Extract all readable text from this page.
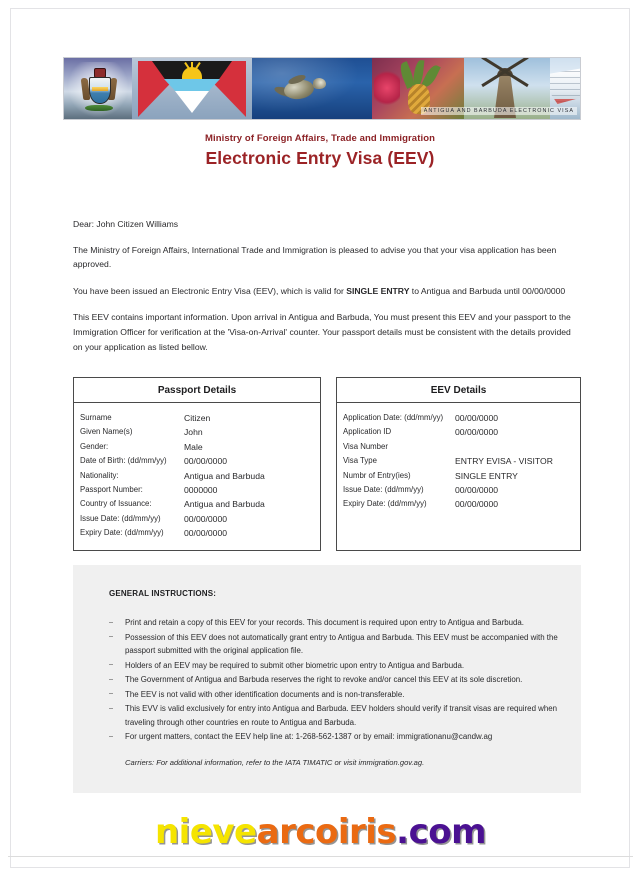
ANTIGUA AND BARBUDA ELECTRONIC VISA
Ministry of Foreign Affairs, Trade and Immigration
Electronic Entry Visa (EEV)

Dear: John Citizen Williams

The Ministry of Foreign Affairs, International Trade and Immigration is pleased to advise you that your visa application has been approved.

You have been issued an Electronic Entry Visa (EEV), which is valid for SINGLE ENTRY to Antigua and Barbuda until 00/00/0000

This EEV contains important information. Upon arrival in Antigua and Barbuda, You must present this EEV and your passport to the Immigration Officer for verification at the 'Visa-on-Arrival' counter. Your passport details must be consistent with the details provided on your application as listed bellow.

Passport Details
Surname	Citizen
Given Name(s)	John
Gender:	Male
Date of Birth: (dd/mm/yy)	00/00/0000
Nationality:	Antigua and Barbuda
Passport Number:	0000000
Country of Issuance:	Antigua and Barbuda
Issue Date: (dd/mm/yy)	00/00/0000
Expiry Date: (dd/mm/yy)	00/00/0000
EEV Details
Application Date: (dd/mm/yy)	00/00/0000
Application ID	00/00/0000
Visa Number
Visa Type	ENTRY EVISA - VISITOR
Numbr of Entry(ies)	SINGLE ENTRY
Issue Date: (dd/mm/yy)	00/00/0000
Expiry Date: (dd/mm/yy)	00/00/0000
GENERAL INSTRUCTIONS:
Print and retain a copy of this EEV for your records. This document is required upon entry to Antigua and Barbuda.
Possession of this EEV does not automatically grant entry to Antigua and Barbuda. This EEV must be accompanied with the passport submitted with the original application file.
Holders of an EEV may be required to submit other biometric upon entry to Antigua and Barbuda.
The Government of Antigua and Barbuda reserves the right to revoke and/or cancel this EEV at its sole discretion.
The EEV is not valid with other identification documents and is non-transferable.
This EVV is valid exclusively for entry into Antigua and Barbuda. EEV holders should verify if transit visas are required when traveling through other countries en route to Antigua and Barbuda.
For urgent matters, contact the EEV help line at: 1-268-562-1387 or by email: immigrationanu@candw.ag
Carriers: For additional information, refer to the IATA TIMATIC or visit immigration.gov.ag.
nievearcoiris.com
